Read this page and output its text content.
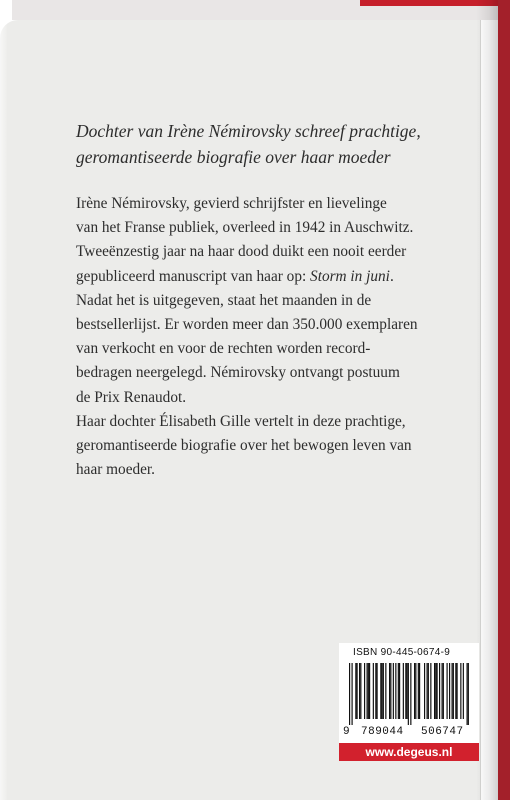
Dochter van Irène Némirovsky schreef prachtige,
geromantiseerde biografie over haar moeder
Irène Némirovsky, gevierd schrijfster en lievelinge
van het Franse publiek, overleed in 1942 in Auschwitz.
Tweeënzestig jaar na haar dood duikt een nooit eerder
gepubliceerd manuscript van haar op: Storm in juni.
Nadat het is uitgegeven, staat het maanden in de
bestsellerlijst. Er worden meer dan 350.000 exemplaren
van verkocht en voor de rechten worden record-
bedragen neergelegd. Némirovsky ontvangt postuum
de Prix Renaudot.
Haar dochter Élisabeth Gille vertelt in deze prachtige,
geromantiseerde biografie over het bewogen leven van
haar moeder.
ISBN 90-445-0674-9
9 789044 506747
www.degeus.nl
